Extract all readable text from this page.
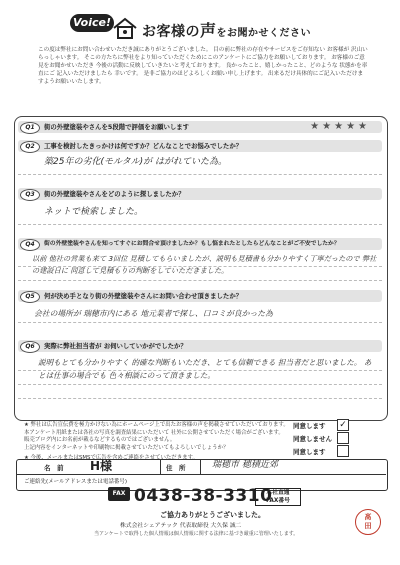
Voice!
お客様の声をお聞かせください
この度は弊社にお問い合わせいただき誠にありがとうございました。 目の前に弊社の存在やサービスをご存知ない お客様が 沢山いらっしゃいます。 そこの方たちに弊社をより知っていただくためにこのアンケートにご協力をお願いしております。 お客様のご意見をお聞かせいただき 今後の活動に反映していきたいと考えております。 良かったこと、嬉しかったこと、どのような 状態かを率直にご 記入いただけましたら 幸いです。 是非ご協力のほどよろしくお願い申し上げます。 出来るだけ具体的にご記入いただけますようお願いいたします。
Q1	街の外壁塗装やさんを5段階で評価をお願いします	★★★★★
Q2	工事を検討したきっかけは何ですか？どんなことでお悩みでしたか？
築25年の劣化(モルタル)が はがれていた為。
Q3	街の外壁塗装やさんをどのように探しましたか？
ネットで検索しました。
Q4	街の外壁塗装やさんを知ってすぐにお問合せ頂けましたか？もし悩まれたとしたらどんなことがご不安でしたか？
以前 他社の営業も来て 3回位 見積してもらいましたが、説明も見積書も分かりやすく丁寧だったので 弊社の建設日に 同意して見積もりの判断をしていただきました。
Q5	何が決め手となり街の外壁塗装やさんにお問い合わせ頂きましたか？
会社の場所が 瑞穂市内にある 地元業者で探し、口コミが良かった為
Q6	実際に弊社担当者が お伺いしていかがでしたか？
説明もとても分かりやすく 的確な判断もいただき、とても信頼できる 担当者だと思いました。 あとは仕事の場合でも 色々相談にのって頂きました。
★ 弊社は広告宣伝費を極力かけない為にホームページ上で出たお客様の声を掲載させていただいております。
本アンケート用紙または各社の写真を調査結果にいただいて 社外に公開させていただく場合がございます。
販売ブログ内にお名前が載るなどするものではございません。
上記内容をインターネットや印刷物に掲載させていただいてもよろしいでしょうか？
★ 今後、メールまたはSMSで広告を含めご連絡をさせていただきます。
同意します ✓
同意しません
同意します
名　前 H様	住　所	瑞穂市 穂積近郊
ご連絡先(メールアドレスまたは電話番号)
FAX 0438-38-3310
本社直通
FAX番号
ご協力ありがとうございました。
株式会社シェアテック 代表取締役 大久保 誠二
当アンケートで取得した個人情報は個人情報に関する法律に基づき厳重に管理いたします。
髙
田
